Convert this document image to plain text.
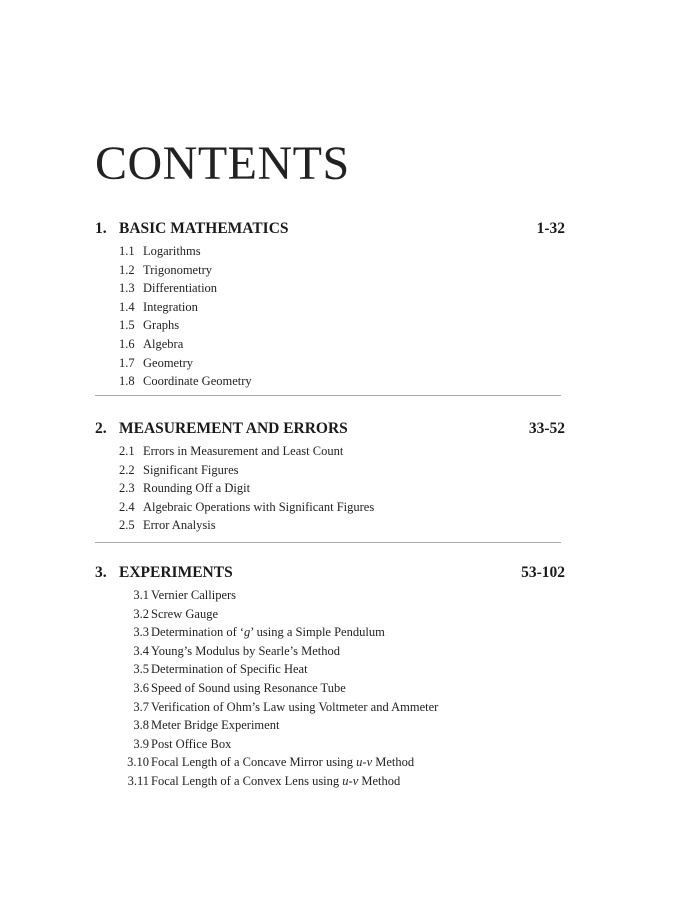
CONTENTS
1. BASIC MATHEMATICS	1-32
1.1 Logarithms
1.2 Trigonometry
1.3 Differentiation
1.4 Integration
1.5 Graphs
1.6 Algebra
1.7 Geometry
1.8 Coordinate Geometry
2. MEASUREMENT AND ERRORS	33-52
2.1 Errors in Measurement and Least Count
2.2 Significant Figures
2.3 Rounding Off a Digit
2.4 Algebraic Operations with Significant Figures
2.5 Error Analysis
3. EXPERIMENTS	53-102
3.1 Vernier Callipers
3.2 Screw Gauge
3.3 Determination of ‘g’ using a Simple Pendulum
3.4 Young’s Modulus by Searle’s Method
3.5 Determination of Specific Heat
3.6 Speed of Sound using Resonance Tube
3.7 Verification of Ohm’s Law using Voltmeter and Ammeter
3.8 Meter Bridge Experiment
3.9 Post Office Box
3.10 Focal Length of a Concave Mirror using u-v Method
3.11 Focal Length of a Convex Lens using u-v Method
